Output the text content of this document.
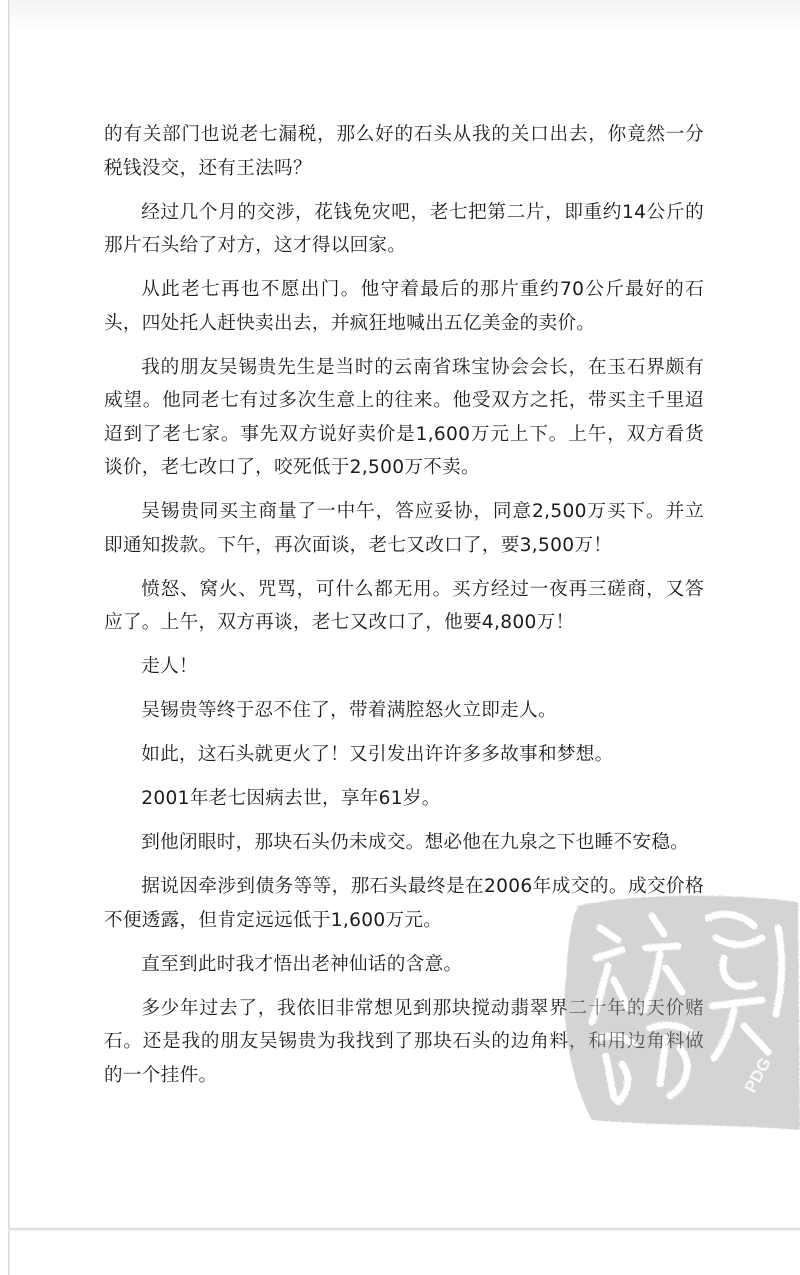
的有关部门也说老七漏税，那么好的石头从我的关口出去，你竟然一分税钱没交，还有王法吗？

经过几个月的交涉，花钱免灾吧，老七把第二片，即重约14公斤的那片石头给了对方，这才得以回家。

从此老七再也不愿出门。他守着最后的那片重约70公斤最好的石头，四处托人赶快卖出去，并疯狂地喊出五亿美金的卖价。

我的朋友吴锡贵先生是当时的云南省珠宝协会会长，在玉石界颇有威望。他同老七有过多次生意上的往来。他受双方之托，带买主千里迢迢到了老七家。事先双方说好卖价是1,600万元上下。上午，双方看货谈价，老七改口了，咬死低于2,500万不卖。

吴锡贵同买主商量了一中午，答应妥协，同意2,500万买下。并立即通知拨款。下午，再次面谈，老七又改口了，要3,500万！

愤怒、窝火、咒骂，可什么都无用。买方经过一夜再三磋商，又答应了。上午，双方再谈，老七又改口了，他要4,800万！

走人！

吴锡贵等终于忍不住了，带着满腔怒火立即走人。

如此，这石头就更火了！又引发出许许多多故事和梦想。

2001年老七因病去世，享年61岁。

到他闭眼时，那块石头仍未成交。想必他在九泉之下也睡不安稳。

据说因牵涉到债务等等，那石头最终是在2006年成交的。成交价格不便透露，但肯定远远低于1,600万元。

直至到此时我才悟出老神仙话的含意。

多少年过去了，我依旧非常想见到那块搅动翡翠界二十年的天价赌石。还是我的朋友吴锡贵为我找到了那块石头的边角料，和用边角料做的一个挂件。	PDG
